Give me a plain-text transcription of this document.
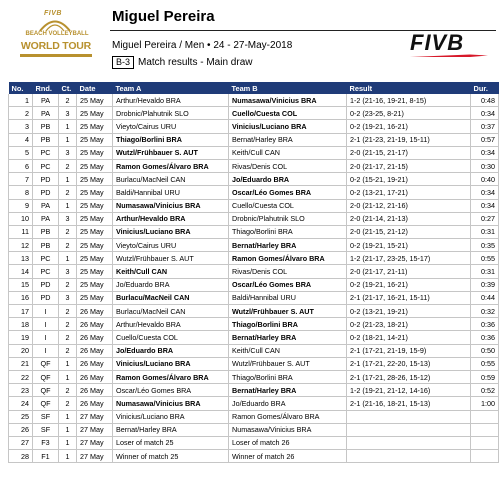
FIVB
BEACH VOLLEYBALL
WORLD TOUR
Miguel Pereira
Miguel Pereira / Men • 24 - 27-May-2018
B-3 Match results - Main draw
FIVB
No.	Rnd.	Ct.	Date	Team A	Team B	Result	Dur.
1	PA	2	25 May	Arthur/Hevaldo BRA	Numasawa/Vinicius BRA	1-2 (21-16, 19-21, 8-15)	0:48
2	PA	3	25 May	Drobnic/Plahutnik SLO	Cuello/Cuesta COL	0-2 (23-25, 8-21)	0:34
3	PB	1	25 May	Vieyto/Cairus URU	Vinicius/Luciano BRA	0-2 (19-21, 16-21)	0:37
4	PB	1	25 May	Thiago/Borlini BRA	Bernat/Harley BRA	2-1 (21-23, 21-19, 15-11)	0:57
5	PC	3	25 May	Wutzl/Frühbauer S. AUT	Keith/Cull CAN	2-0 (21-15, 21-17)	0:34
6	PC	2	25 May	Ramon Gomes/Álvaro BRA	Rivas/Denis COL	2-0 (21-17, 21-15)	0:30
7	PD	1	25 May	Burlacu/MacNeil CAN	Jo/Eduardo BRA	0-2 (15-21, 19-21)	0:40
8	PD	2	25 May	Baldi/Hannibal URU	Oscar/Léo Gomes BRA	0-2 (13-21, 17-21)	0:34
9	PA	1	25 May	Numasawa/Vinicius BRA	Cuello/Cuesta COL	2-0 (21-12, 21-16)	0:34
10	PA	3	25 May	Arthur/Hevaldo BRA	Drobnic/Plahutnik SLO	2-0 (21-14, 21-13)	0:27
11	PB	2	25 May	Vinicius/Luciano BRA	Thiago/Borlini BRA	2-0 (21-15, 21-12)	0:31
12	PB	2	25 May	Vieyto/Cairus URU	Bernat/Harley BRA	0-2 (19-21, 15-21)	0:35
13	PC	1	25 May	Wutzl/Frühbauer S. AUT	Ramon Gomes/Álvaro BRA	1-2 (21-17, 23-25, 15-17)	0:55
14	PC	3	25 May	Keith/Cull CAN	Rivas/Denis COL	2-0 (21-17, 21-11)	0:31
15	PD	2	25 May	Jo/Eduardo BRA	Oscar/Léo Gomes BRA	0-2 (19-21, 16-21)	0:39
16	PD	3	25 May	Burlacu/MacNeil CAN	Baldi/Hannibal URU	2-1 (21-17, 16-21, 15-11)	0:44
17	I	2	26 May	Burlacu/MacNeil CAN	Wutzl/Frühbauer S. AUT	0-2 (13-21, 19-21)	0:32
18	I	2	26 May	Arthur/Hevaldo BRA	Thiago/Borlini BRA	0-2 (21-23, 18-21)	0:36
19	I	2	26 May	Cuello/Cuesta COL	Bernat/Harley BRA	0-2 (18-21, 14-21)	0:36
20	I	2	26 May	Jo/Eduardo BRA	Keith/Cull CAN	2-1 (17-21, 21-19, 15-9)	0:50
21	QF	1	26 May	Vinicius/Luciano BRA	Wutzl/Frühbauer S. AUT	2-1 (17-21, 22-20, 15-13)	0:55
22	QF	1	26 May	Ramon Gomes/Álvaro BRA	Thiago/Borlini BRA	2-1 (17-21, 28-26, 15-12)	0:59
23	QF	2	26 May	Oscar/Léo Gomes BRA	Bernat/Harley BRA	1-2 (19-21, 21-12, 14-16)	0:52
24	QF	2	26 May	Numasawa/Vinicius BRA	Jo/Eduardo BRA	2-1 (21-16, 18-21, 15-13)	1:00
25	SF	1	27 May	Vinicius/Luciano BRA	Ramon Gomes/Álvaro BRA		
26	SF	1	27 May	Bernat/Harley BRA	Numasawa/Vinicius BRA		
27	F3	1	27 May	Loser of match 25	Loser of match 26		
28	F1	1	27 May	Winner of match 25	Winner of match 26		
